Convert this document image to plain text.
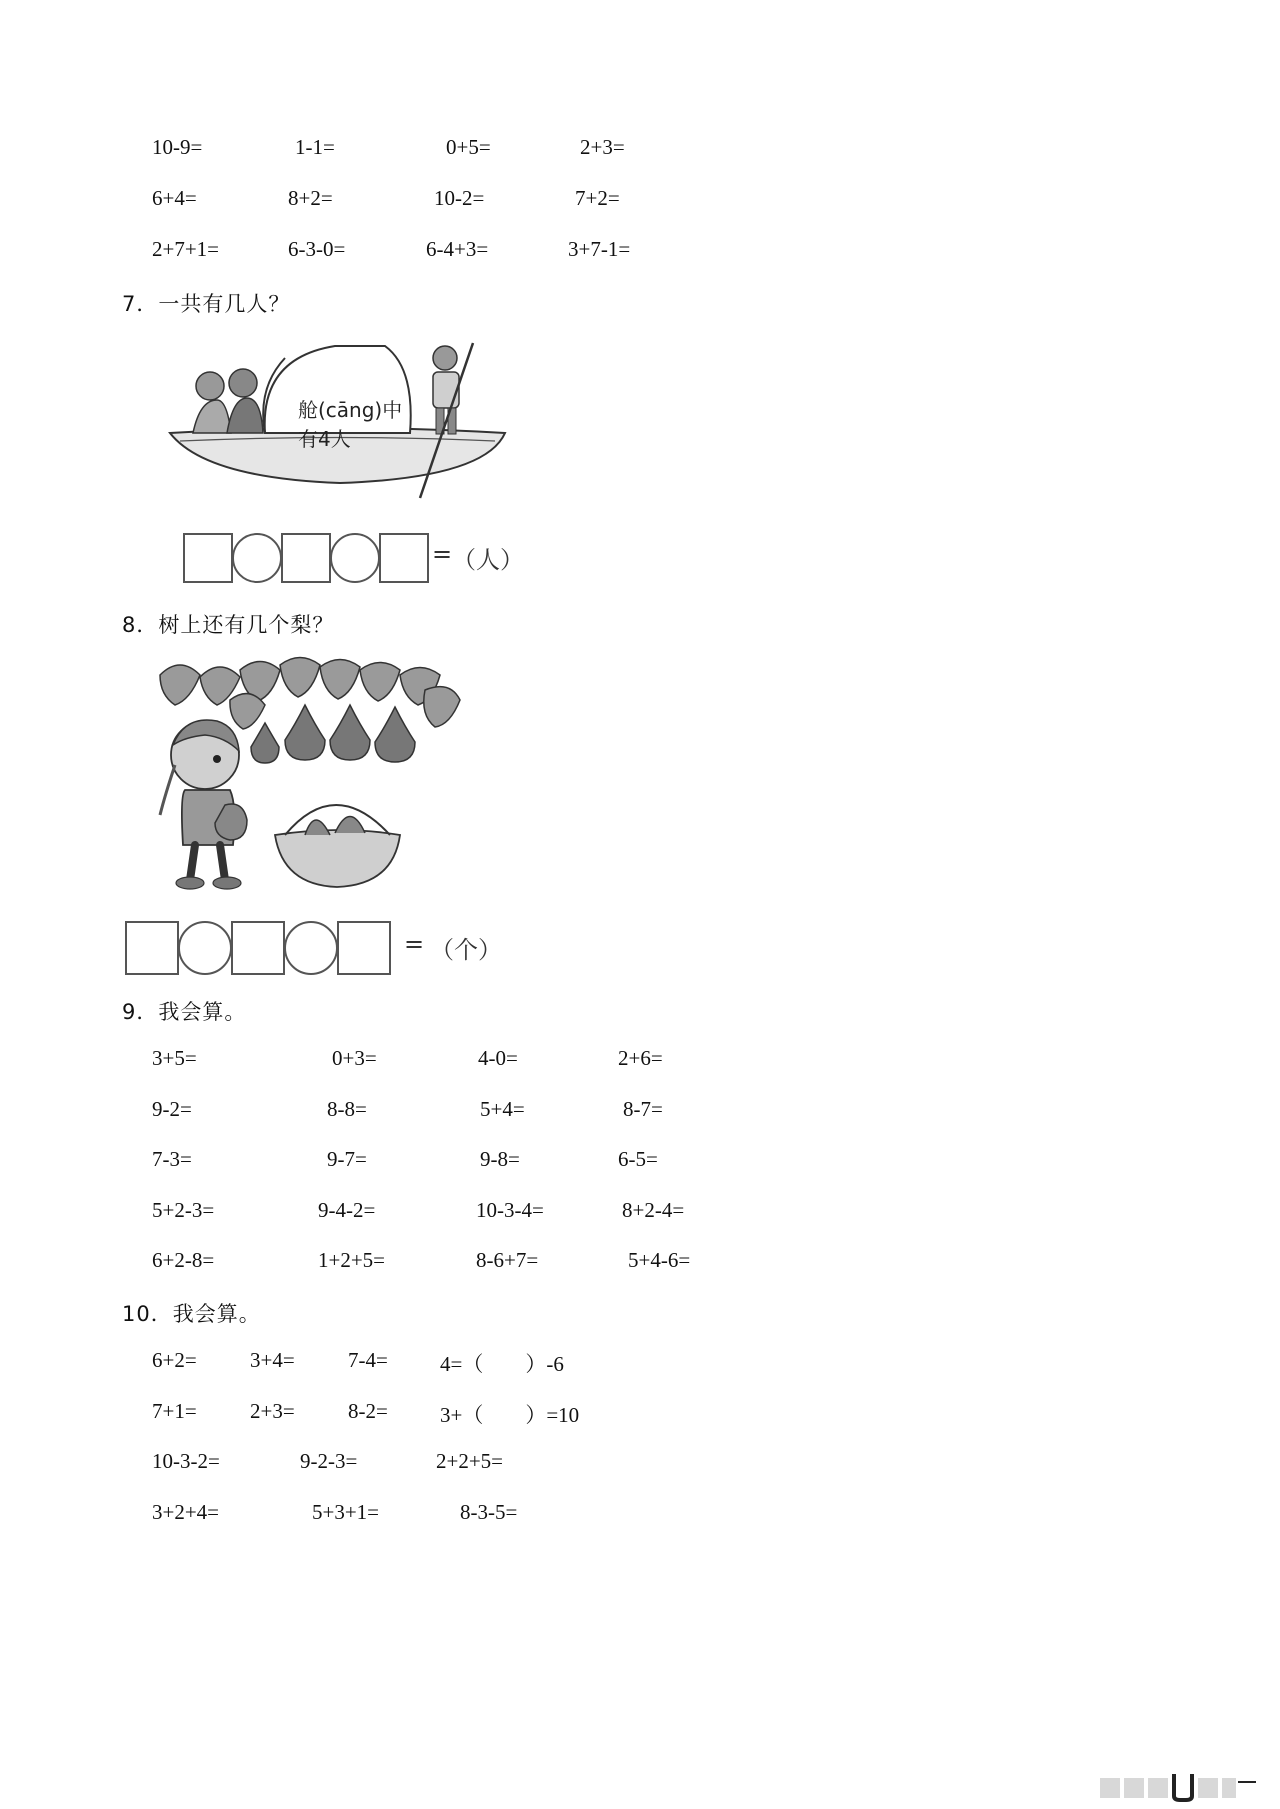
10-9=	1-1=	0+5=	2+3=
6+4=	8+2=	10-2=	7+2=
2+7+1=	6-3-0=	6-4+3=	3+7-1=
7．一共有几人？
舱(cāng)中
有4人
= （人）
8．树上还有几个梨？
= （个）
9．我会算。
3+5=	0+3=	4-0=	2+6=
9-2=	8-8=	5+4=	8-7=
7-3=	9-7=	9-8=	6-5=
5+2-3=	9-4-2=	10-3-4=	8+2-4=
6+2-8=	1+2+5=	8-6+7=	5+4-6=
10．我会算。
6+2=	3+4=	7-4= 4=（　　）-6
7+1=	2+3=	8-2= 3+（　　）=10
10-3-2=	9-2-3=	2+2+5=
3+2+4=	5+3+1=	8-3-5=
